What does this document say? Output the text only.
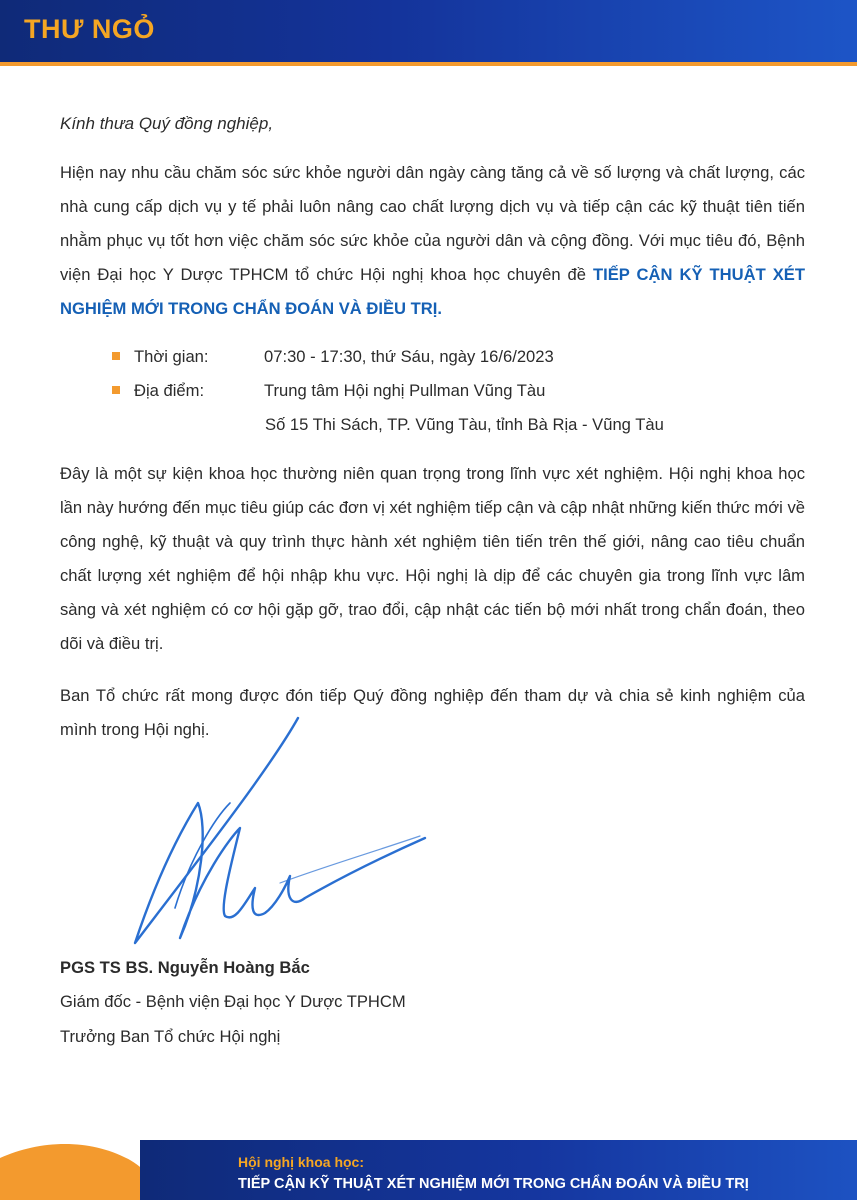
THƯ NGỎ
Kính thưa Quý đồng nghiệp,

Hiện nay nhu cầu chăm sóc sức khỏe người dân ngày càng tăng cả về số lượng và chất lượng, các nhà cung cấp dịch vụ y tế phải luôn nâng cao chất lượng dịch vụ và tiếp cận các kỹ thuật tiên tiến nhằm phục vụ tốt hơn việc chăm sóc sức khỏe của người dân và cộng đồng. Với mục tiêu đó, Bệnh viện Đại học Y Dược TPHCM tổ chức Hội nghị khoa học chuyên đề TIẾP CẬN KỸ THUẬT XÉT NGHIỆM MỚI TRONG CHẨN ĐOÁN VÀ ĐIỀU TRỊ.

Thời gian:	07:30 - 17:30, thứ Sáu, ngày 16/6/2023
Địa điểm:	Trung tâm Hội nghị Pullman Vũng Tàu
Số 15 Thi Sách, TP. Vũng Tàu, tỉnh Bà Rịa - Vũng Tàu

Đây là một sự kiện khoa học thường niên quan trọng trong lĩnh vực xét nghiệm. Hội nghị khoa học lần này hướng đến mục tiêu giúp các đơn vị xét nghiệm tiếp cận và cập nhật những kiến thức mới về công nghệ, kỹ thuật và quy trình thực hành xét nghiệm tiên tiến trên thế giới, nâng cao tiêu chuẩn chất lượng xét nghiệm để hội nhập khu vực. Hội nghị là dịp để các chuyên gia trong lĩnh vực lâm sàng và xét nghiệm có cơ hội gặp gỡ, trao đổi, cập nhật các tiến bộ mới nhất trong chẩn đoán, theo dõi và điều trị.

Ban Tổ chức rất mong được đón tiếp Quý đồng nghiệp đến tham dự và chia sẻ kinh nghiệm của mình trong Hội nghị.

PGS TS BS. Nguyễn Hoàng Bắc
Giám đốc - Bệnh viện Đại học Y Dược TPHCM
Trưởng Ban Tổ chức Hội nghị
Hội nghị khoa học:
TIẾP CẬN KỸ THUẬT XÉT NGHIỆM MỚI TRONG CHẨN ĐOÁN VÀ ĐIỀU TRỊ
